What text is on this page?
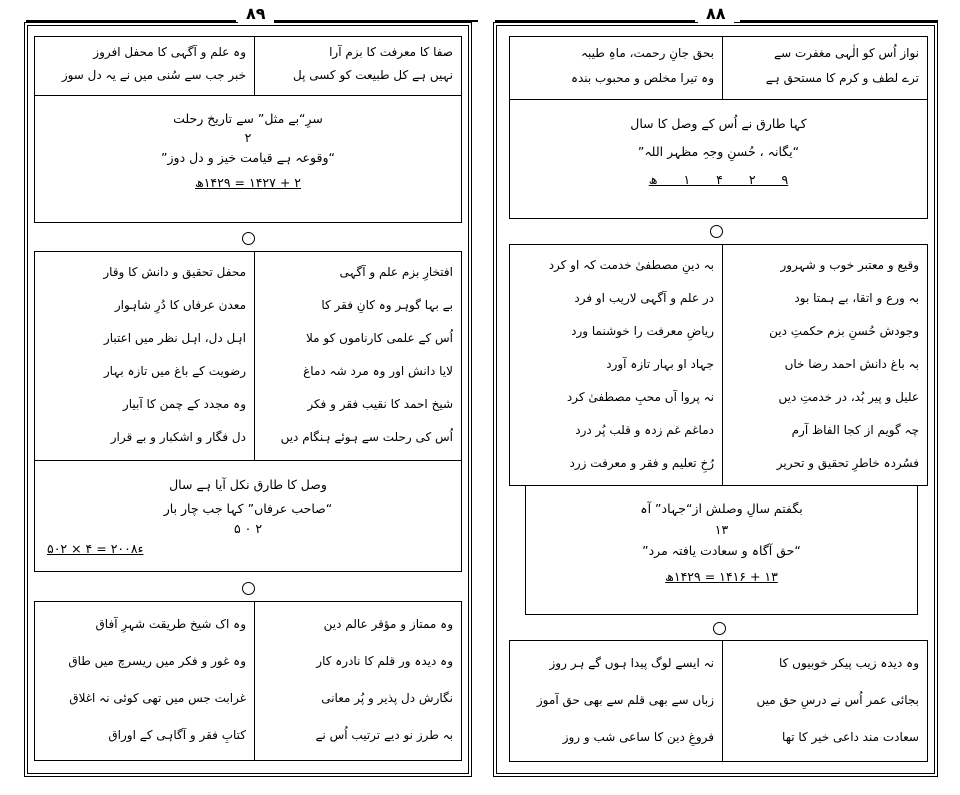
۸۹
صفا کا معرفت کا بزم آرا
نہیں ہے کل طبیعت کو کسی پل
وہ علم و آگہی کا محفل افروز
خبر جب سے سُنی میں نے یہ دل سوز
سرِ“بے مثل” سے تاریخ رحلت
۲
“وقوعہ ہے قیامت خیز و دل دوز”
۲ + ۱۴۲۷ = ۱۴۲۹ھ
افتخارِ بزم علم و آگہی
بے بہا گوہر وہ کانِ فقر کا
اُس کے علمی کارناموں کو ملا
لایا دانش اور وہ مرد شہ دماغ
شیخ احمد کا نقیب فقر و فکر
اُس کی رحلت سے ہوئے ہنگام دیں
محفل تحقیق و دانش کا وقار
معدن عرفاں کا دُرِ شاہوار
اہل دل، اہل نظر میں اعتبار
رضویت کے باغ میں تازہ بہار
وہ مجدد کے چمن کا آبیار
دل فگار و اشکبار و بے قرار
وصل کا طارق نکل آیا ہے سال
“صاحب عرفاں” کہا جب چار بار
۲ ۰ ۵
۵۰۲ × ۴ = ۲۰۰۸ء
وہ ممتاز و مؤقر عالم دین
وہ دیدہ ور قلم کا نادرہ کار
نگارش دل پذیر و پُر معانی
بہ طرز نو دیے ترتیب اُس نے
وہ اک شیخ طریقت شہرِ آفاق
وہ غور و فکر میں ریسرچ میں طاق
غرابت جس میں تھی کوئی نہ اغلاق
کتابِ فقر و آگاہی کے اوراق
۸۸
نواز اُس کو الٰہی مغفرت سے
ترے لطف و کرم کا مستحق ہے
بحق جانِ رحمت، ماہِ طیبہ
وہ تیرا مخلص و محبوب بندہ
کہا طارق نے اُس کے وصل کا سال
“یگانہ ، حُسنِ وجہِ مظہر اللہ”
۹ ۲ ۴ ۱ ھ
وقیع و معتبر خوب و شہرور
بہ ورع و اتقا، بے ہمتا بود
وجودش حُسنِ بزم حکمتِ دین
بہ باغ دانش احمد رضا خاں
علیل و پیر بُد، در خدمتِ دیں
چہ گویم از کجا الفاظ آرم
فسُردہ خاطرِ تحقیق و تحریر
بہ دینِ مصطفیٰ خدمت کہ او کرد
در علم و آگہی لاریب او فرد
ریاضِ معرفت را خوشنما ورد
جہاد او بہار تازہ آورد
نہ پروا آں محبِ مصطفیٰ کرد
دماغم غم زدہ و قلب پُر درد
رُخِ تعلیم و فقر و معرفت زرد
بگفتم سالِ وصلش از“جہاد” آہ
۱۳
“حق آگاہ و سعادت یافتہ مرد”
۱۳ + ۱۴۱۶ = ۱۴۲۹ھ
وہ دیدہ زیب پیکر خوبیوں کا
بجائی عمر اُس نے درسِ حق میں
سعادت مند داعی خیر کا تھا
نہ ایسے لوگ پیدا ہوں گے ہر روز
زباں سے بھی قلم سے بھی حق آموز
فروغِ دین کا ساعی شب و روز
